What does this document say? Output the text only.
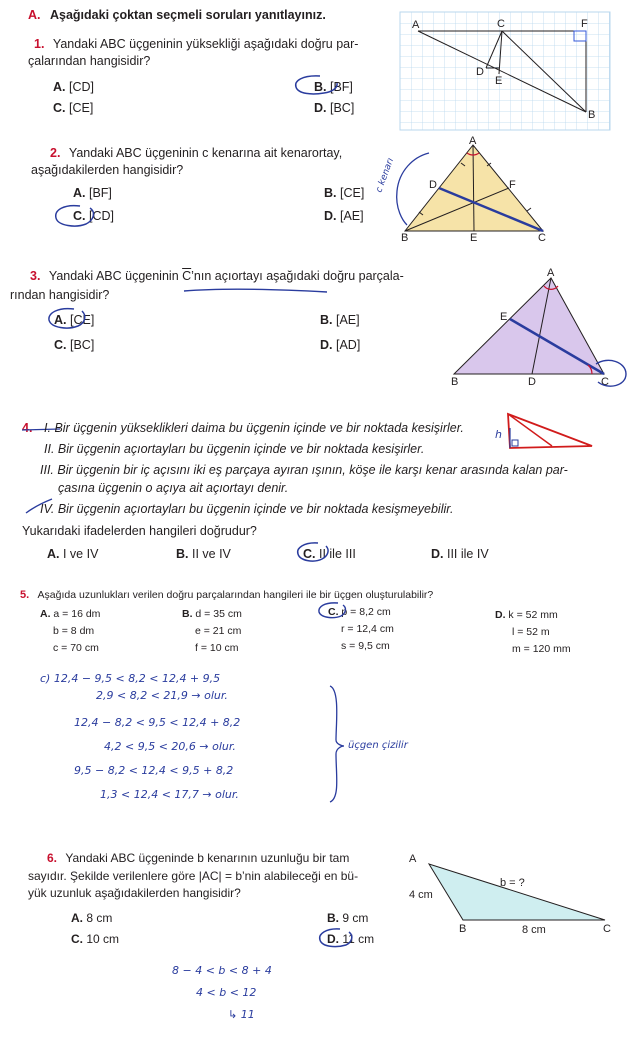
A. Aşağıdaki çoktan seçmeli soruları yanıtlayınız.
1. Yandaki ABC üçgeninin yüksekliği aşağıdaki doğru par-
çalarından hangisidir?
A. [CD]	B. [BF]
C. [CE]	D. [BC]
A	C	F
D
E
B
2. Yandaki ABC üçgeninin c kenarına ait kenarortay,
aşağıdakilerden hangisidir?
A. [BF]	B. [CE]
C. [CD]	D. [AE]
A
D	F
B	E	C
c kenarı
3. Yandaki ABC üçgeninin $\overline{C}’nın$ açıortayı aşağıdaki doğru parçala-
rından hangisidir?
A. [CE]	B. [AE]
C. [BC]	D. [AD]
A
E
B	D	C
4. I. Bir üçgenin yükseklikleri daima bu üçgenin içinde ve bir noktada kesişirler.
II. Bir üçgenin açıortayları bu üçgenin içinde ve bir noktada kesişirler.
III. Bir üçgenin bir iç açısını iki eş parçaya ayıran ışının, köşe ile karşı kenar arasında kalan par-
çasına üçgenin o açıya ait açıortayı denir.
IV. Bir üçgenin açıortayları bu üçgenin içinde ve bir noktada kesişmeyebilir.
Yukarıdaki ifadelerden hangileri doğrudur?
A. I ve IV	B. II ve IV	C. II ile III	D. III ile IV
h
5. Aşağıda uzunlukları verilen doğru parçalarından hangileri ile bir üçgen oluşturulabilir?
A. a = 16 dm
b = 8 dm
c = 70 cm
B. d = 35 cm
e = 21 cm
f = 10 cm
C. p = 8,2 cm
r = 12,4 cm
s = 9,5 cm
D. k = 52 mm
l = 52 m
m = 120 mm
c) 12,4 − 9,5 < 8,2 < 12,4 + 9,5
2,9 < 8,2 < 21,9 → olur.
12,4 − 8,2 < 9,5 < 12,4 + 8,2
4,2 < 9,5 < 20,6 → olur.
9,5 − 8,2 < 12,4 < 9,5 + 8,2
1,3 < 12,4 < 17,7 → olur.
üçgen çizilir
6. Yandaki ABC üçgeninde b kenarının uzunluğu bir tam
sayıdır. Şekilde verilenlere göre |AC| = b’nin alabileceği en bü-
yük uzunluk aşağıdakilerden hangisidir?
A. 8 cm	B. 9 cm
C. 10 cm	D. 11 cm
A
B	C
b = ?
4 cm
8 cm
8 − 4 < b < 8 + 4
4 < b < 12
↳ 11
